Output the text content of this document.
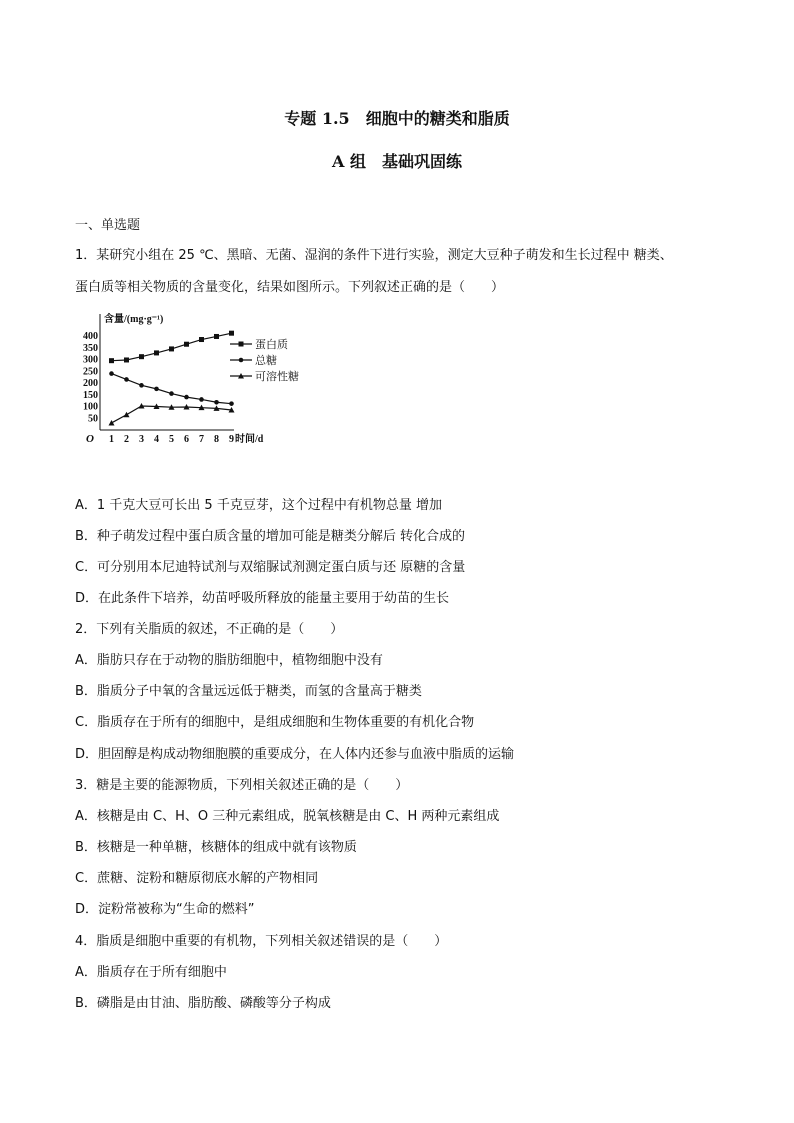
专题 1.5　细胞中的糖类和脂质
A 组　基础巩固练
一、单选题
1．某研究小组在 25 ℃、黑暗、无菌、湿润的条件下进行实验，测定大豆种子萌发和生长过程中 糖类、
蛋白质等相关物质的含量变化，结果如图所示。下列叙述正确的是（　　）
含量/(mg·g⁻¹)
时间/d
O
400
350
300
250
200
150
100
50
1 2 3 4 5 6 7 8 9
蛋白质
总糖
可溶性糖
A．1 千克大豆可长出 5 千克豆芽，这个过程中有机物总量 增加
B．种子萌发过程中蛋白质含量的增加可能是糖类分解后 转化合成的
C．可分别用本尼迪特试剂与双缩脲试剂测定蛋白质与还 原糖的含量
D．在此条件下培养，幼苗呼吸所释放的能量主要用于幼苗的生长
2．下列有关脂质的叙述，不正确的是（　　）
A．脂肪只存在于动物的脂肪细胞中，植物细胞中没有
B．脂质分子中氧的含量远远低于糖类，而氢的含量高于糖类
C．脂质存在于所有的细胞中，是组成细胞和生物体重要的有机化合物
D．胆固醇是构成动物细胞膜的重要成分，在人体内还参与血液中脂质的运输
3．糖是主要的能源物质，下列相关叙述正确的是（　　）
A．核糖是由 C、H、O 三种元素组成，脱氧核糖是由 C、H 两种元素组成
B．核糖是一种单糖，核糖体的组成中就有该物质
C．蔗糖、淀粉和糖原彻底水解的产物相同
D．淀粉常被称为“生命的燃料”
4．脂质是细胞中重要的有机物，下列相关叙述错误的是（　　）
A．脂质存在于所有细胞中
B．磷脂是由甘油、脂肪酸、磷酸等分子构成
